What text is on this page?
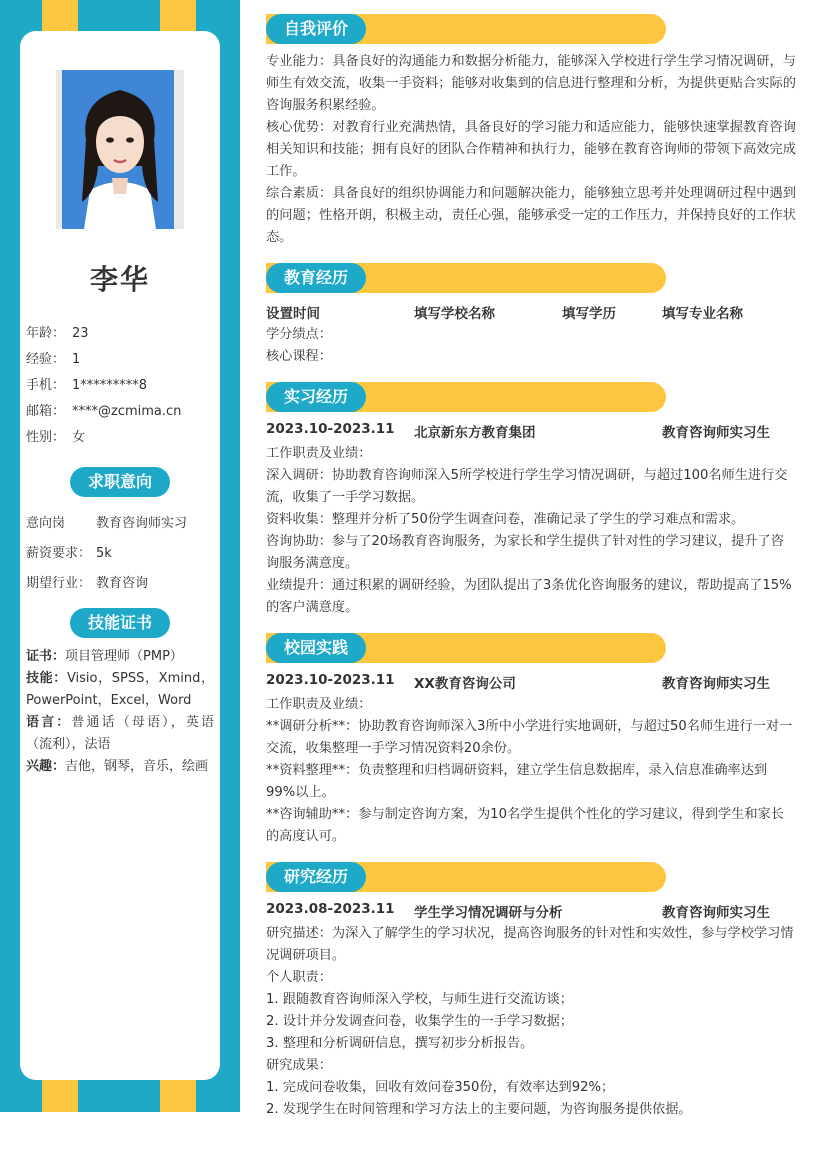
李华
年龄： 23
经验： 1
手机： 1*********8
邮箱： ****@zcmima.cn
性别： 女
求职意向
意向岗 教育咨询师实习
薪资要求： 5k
期望行业： 教育咨询
技能证书

证书：项目管理师（PMP）

技能：Visio，SPSS，Xmind，PowerPoint，Excel，Word

语言：普通话（母语），英语（流利），法语

兴趣：吉他，钢琴，音乐，绘画

自我评价
专业能力：具备良好的沟通能力和数据分析能力，能够深入学校进行学生学习情况调研，与师生有效交流，收集一手资料；能够对收集到的信息进行整理和分析，为提供更贴合实际的咨询服务积累经验。
核心优势：对教育行业充满热情，具备良好的学习能力和适应能力，能够快速掌握教育咨询相关知识和技能；拥有良好的团队合作精神和执行力，能够在教育咨询师的带领下高效完成工作。
综合素质：具备良好的组织协调能力和问题解决能力，能够独立思考并处理调研过程中遇到的问题；性格开朗，积极主动，责任心强，能够承受一定的工作压力，并保持良好的工作状态。
教育经历
设置时间	填写学校名称	填写学历	填写专业名称
学分绩点：
核心课程：
实习经历
2023.10-2023.11 北京新东方教育集团	教育咨询师实习生
工作职责及业绩：
深入调研：协助教育咨询师深入5所学校进行学生学习情况调研，与超过100名师生进行交流，收集了一手学习数据。
资料收集：整理并分析了50份学生调查问卷，准确记录了学生的学习难点和需求。
咨询协助：参与了20场教育咨询服务，为家长和学生提供了针对性的学习建议，提升了咨询服务满意度。
业绩提升：通过积累的调研经验，为团队提出了3条优化咨询服务的建议，帮助提高了15%的客户满意度。
校园实践
2023.10-2023.11 XX教育咨询公司	教育咨询师实习生
工作职责及业绩：
**调研分析**：协助教育咨询师深入3所中小学进行实地调研，与超过50名师生进行一对一交流，收集整理一手学习情况资料20余份。
**资料整理**：负责整理和归档调研资料，建立学生信息数据库，录入信息准确率达到99%以上。
**咨询辅助**：参与制定咨询方案，为10名学生提供个性化的学习建议，得到学生和家长的高度认可。
研究经历
2023.08-2023.11 学生学习情况调研与分析	教育咨询师实习生
研究描述：为深入了解学生的学习状况，提高咨询服务的针对性和实效性，参与学校学习情况调研项目。
个人职责：
1. 跟随教育咨询师深入学校，与师生进行交流访谈；
2. 设计并分发调查问卷，收集学生的一手学习数据；
3. 整理和分析调研信息，撰写初步分析报告。
研究成果：
1. 完成问卷收集，回收有效问卷350份，有效率达到92%；
2. 发现学生在时间管理和学习方法上的主要问题，为咨询服务提供依据。
